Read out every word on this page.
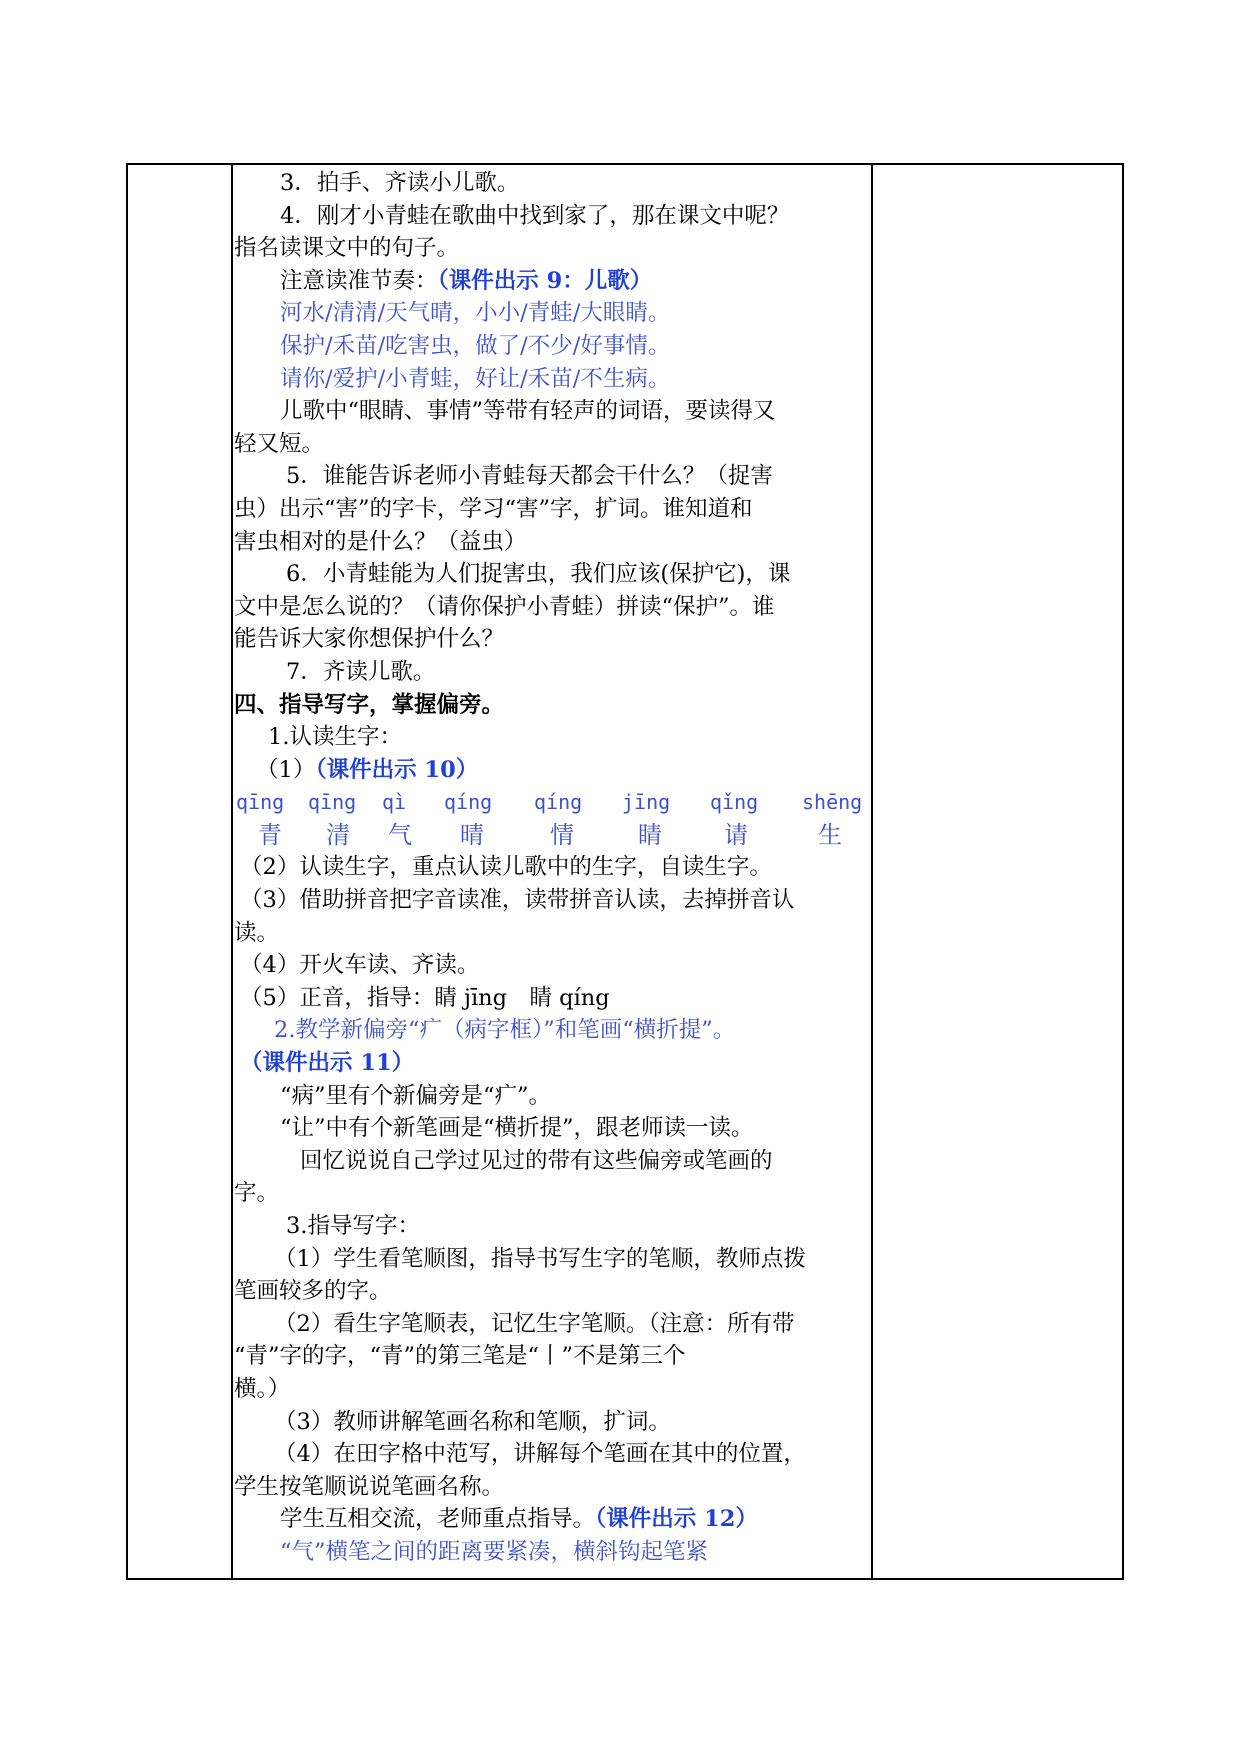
3．拍手、齐读小儿歌。
4．刚才小青蛙在歌曲中找到家了，那在课文中呢？
指名读课文中的句子。
注意读准节奏：（课件出示 9：儿歌）
河水/清清/天气晴，小小/青蛙/大眼睛。
保护/禾苗/吃害虫，做了/不少/好事情。
请你/爱护/小青蛙，好让/禾苗/不生病。
儿歌中“眼睛、事情”等带有轻声的词语，要读得又
轻又短。
5．谁能告诉老师小青蛙每天都会干什么？（捉害
虫）出示“害”的字卡，学习“害”字，扩词。谁知道和
害虫相对的是什么？（益虫）
6．小青蛙能为人们捉害虫，我们应该(保护它)，课
文中是怎么说的？（请你保护小青蛙）拼读“保护”。谁
能告诉大家你想保护什么？
7．齐读儿歌。
四、指导写字，掌握偏旁。
1.认读生字：
（1）（课件出示 10）
qīng qīng qì qíng qíng jīng qǐng shēng
青 清 气 晴	情	睛	请	生
（2）认读生字，重点认读儿歌中的生字，自读生字。
（3）借助拼音把字音读准，读带拼音认读，去掉拼音认
读。
（4）开火车读、齐读。
（5）正音，指导：睛 jīng　睛 qíng
2.教学新偏旁“疒（病字框）”和笔画“横折提”。
（课件出示 11）
“病”里有个新偏旁是“疒”。
“让”中有个新笔画是“横折提”，跟老师读一读。
回忆说说自己学过见过的带有这些偏旁或笔画的
字。
3.指导写字：
（1）学生看笔顺图，指导书写生字的笔顺，教师点拨
笔画较多的字。
（2）看生字笔顺表，记忆生字笔顺。（注意：所有带
“青”字的字，“青”的第三笔是“丨”不是第三个
横。）
（3）教师讲解笔画名称和笔顺，扩词。
（4）在田字格中范写，讲解每个笔画在其中的位置，
学生按笔顺说说笔画名称。
学生互相交流，老师重点指导。（课件出示 12）
“气”横笔之间的距离要紧凑，横斜钩起笔紧
